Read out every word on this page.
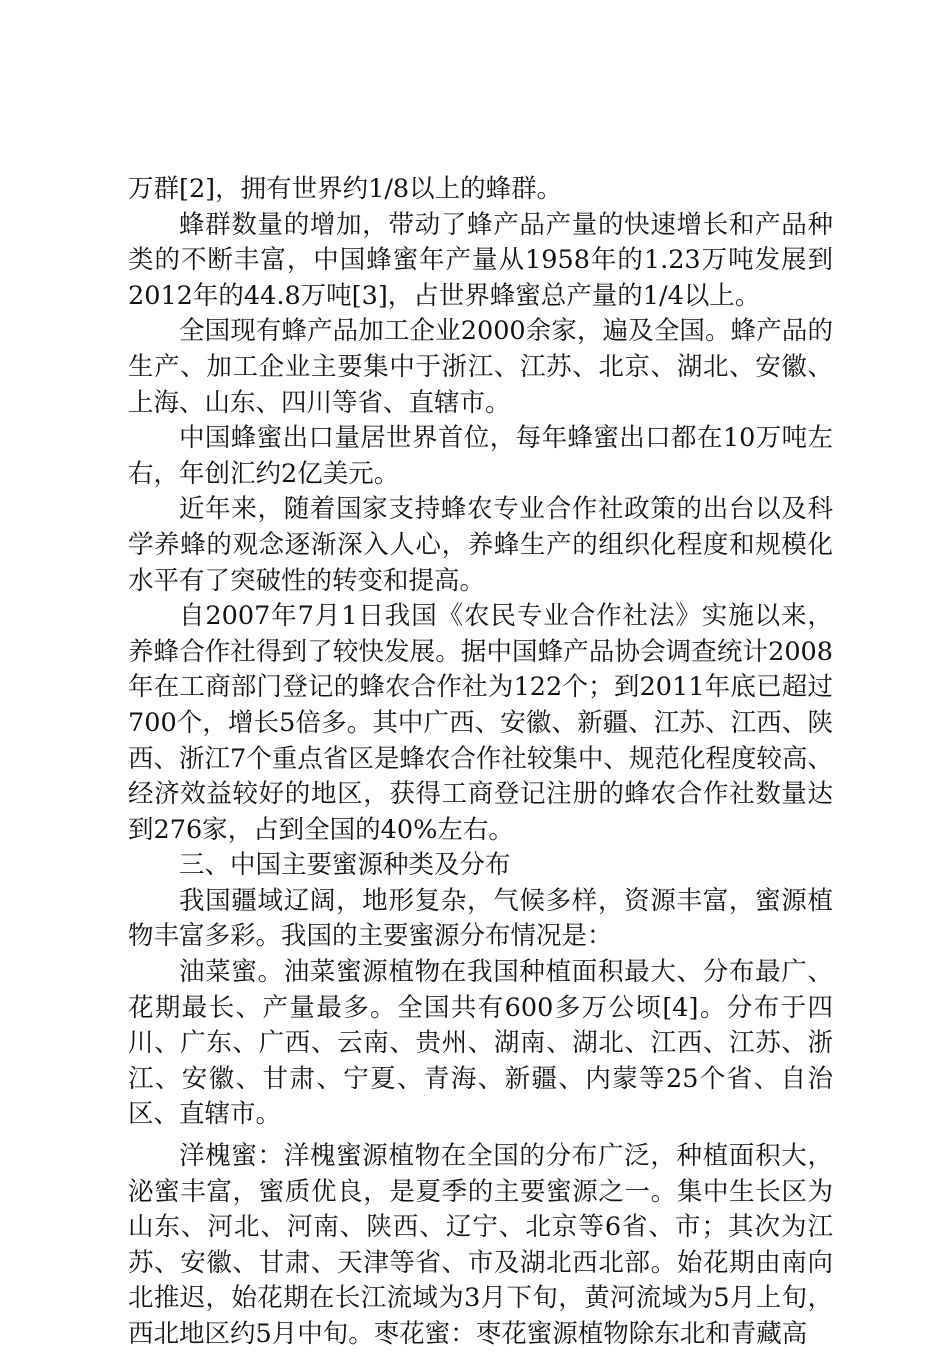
万群[2]，拥有世界约1/8以上的蜂群。

蜂群数量的增加，带动了蜂产品产量的快速增长和产品种类的不断丰富，中国蜂蜜年产量从1958年的1.23万吨发展到2012年的44.8万吨[3]，占世界蜂蜜总产量的1/4以上。

全国现有蜂产品加工企业2000余家，遍及全国。蜂产品的生产、加工企业主要集中于浙江、江苏、北京、湖北、安徽、上海、山东、四川等省、直辖市。

中国蜂蜜出口量居世界首位，每年蜂蜜出口都在10万吨左右，年创汇约2亿美元。

近年来，随着国家支持蜂农专业合作社政策的出台以及科学养蜂的观念逐渐深入人心，养蜂生产的组织化程度和规模化水平有了突破性的转变和提高。

自2007年7月1日我国《农民专业合作社法》实施以来，养蜂合作社得到了较快发展。据中国蜂产品协会调查统计2008年在工商部门登记的蜂农合作社为122个；到2011年底已超过700个，增长5倍多。其中广西、安徽、新疆、江苏、江西、陕西、浙江7个重点省区是蜂农合作社较集中、规范化程度较高、经济效益较好的地区，获得工商登记注册的蜂农合作社数量达到276家，占到全国的40%左右。

三、中国主要蜜源种类及分布

我国疆域辽阔，地形复杂，气候多样，资源丰富，蜜源植物丰富多彩。我国的主要蜜源分布情况是：

油菜蜜。油菜蜜源植物在我国种植面积最大、分布最广、花期最长、产量最多。全国共有600多万公顷[4]。分布于四川、广东、广西、云南、贵州、湖南、湖北、江西、江苏、浙江、安徽、甘肃、宁夏、青海、新疆、内蒙等25个省、自治区、直辖市。

洋槐蜜：洋槐蜜源植物在全国的分布广泛，种植面积大，泌蜜丰富，蜜质优良，是夏季的主要蜜源之一。集中生长区为山东、河北、河南、陕西、辽宁、北京等6省、市；其次为江苏、安徽、甘肃、天津等省、市及湖北西北部。始花期由南向北推迟，始花期在长江流域为3月下旬，黄河流域为5月上旬，西北地区约5月中旬。枣花蜜：枣花蜜源植物除东北和青藏高
